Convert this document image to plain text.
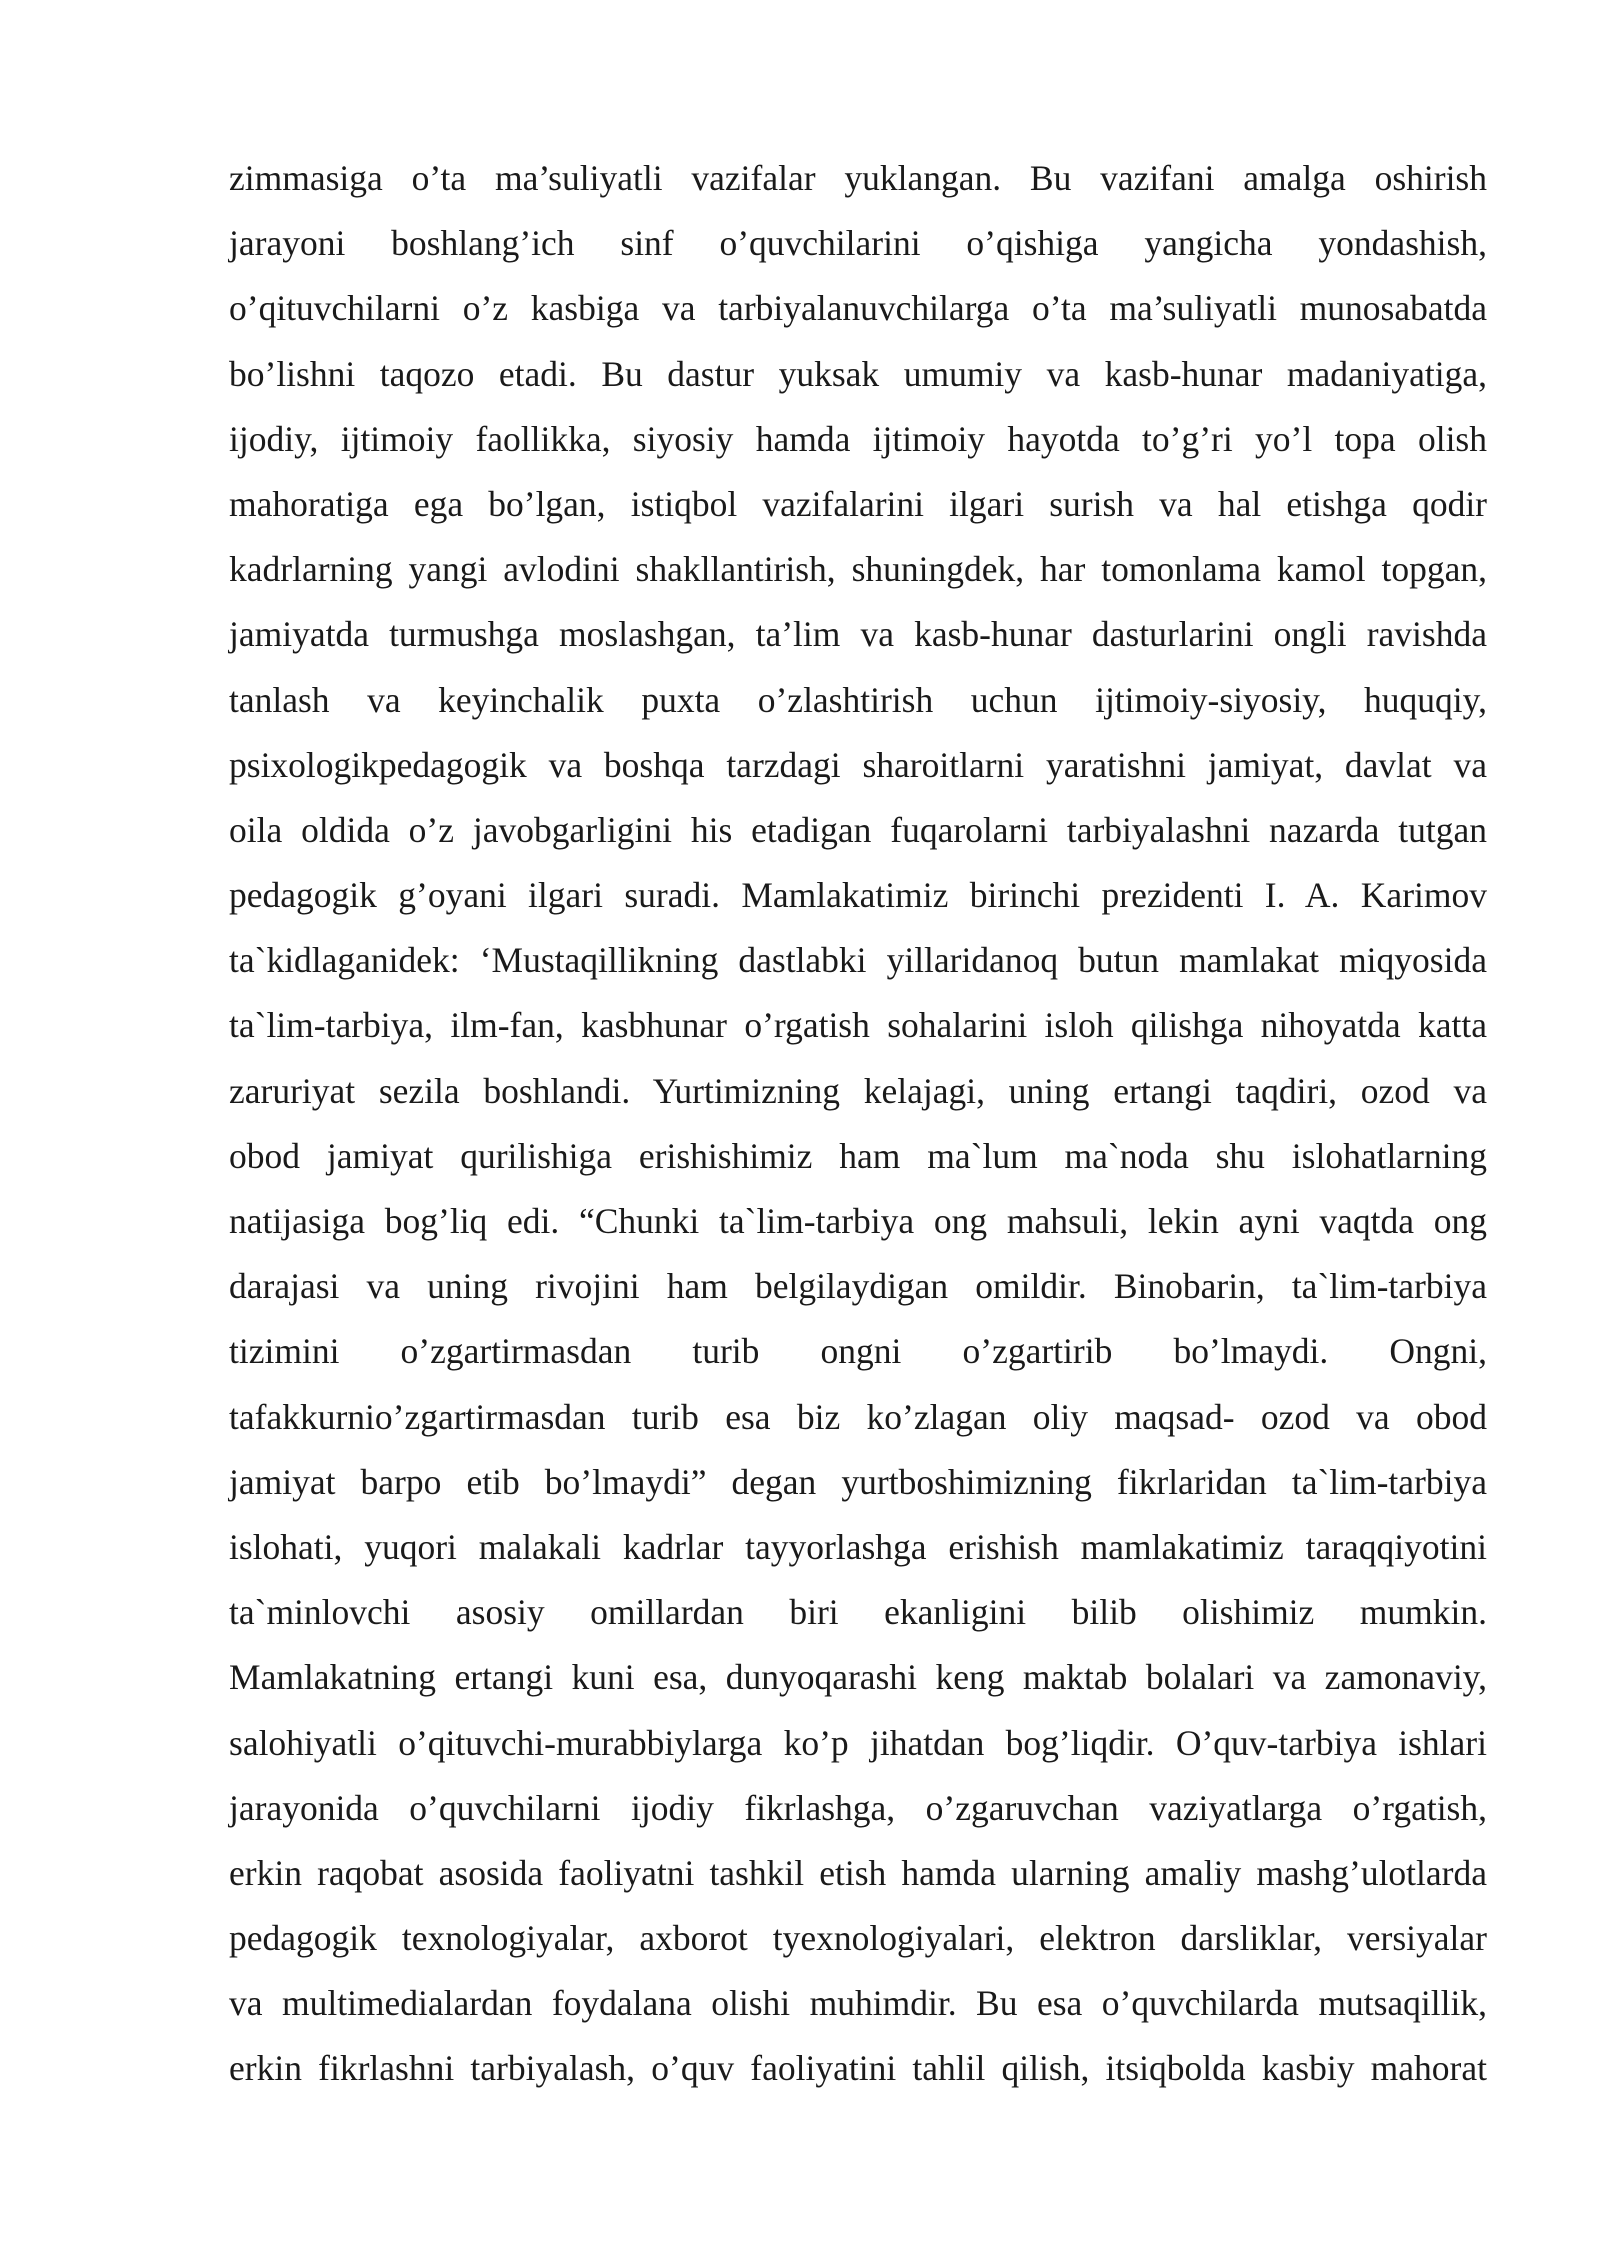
zimmasiga o’ta ma’suliyatli vazifalar yuklangan. Bu vazifani amalga oshirish
jarayoni boshlang’ich sinf o’quvchilarini o’qishiga yangicha yondashish,
o’qituvchilarni o’z kasbiga va tarbiyalanuvchilarga o’ta ma’suliyatli munosabatda
bo’lishni taqozo etadi. Bu dastur yuksak umumiy va kasb-hunar madaniyatiga,
ijodiy, ijtimoiy faollikka, siyosiy hamda ijtimoiy hayotda to’g’ri yo’l topa olish
mahoratiga ega bo’lgan, istiqbol vazifalarini ilgari surish va hal etishga qodir
kadrlarning yangi avlodini shakllantirish, shuningdek, har tomonlama kamol topgan,
jamiyatda turmushga moslashgan, ta’lim va kasb-hunar dasturlarini ongli ravishda
tanlash va keyinchalik puxta o’zlashtirish uchun ijtimoiy-siyosiy, huquqiy,
psixologikpedagogik va boshqa tarzdagi sharoitlarni yaratishni jamiyat, davlat va
oila oldida o’z javobgarligini his etadigan fuqarolarni tarbiyalashni nazarda tutgan
pedagogik g’oyani ilgari suradi. Mamlakatimiz birinchi prezidenti I. A. Karimov
ta`kidlaganidek: ‘Mustaqillikning dastlabki yillaridanoq butun mamlakat miqyosida
ta`lim-tarbiya, ilm-fan, kasbhunar o’rgatish sohalarini isloh qilishga nihoyatda katta
zaruriyat sezila boshlandi. Yurtimizning kelajagi, uning ertangi taqdiri, ozod va
obod jamiyat qurilishiga erishishimiz ham ma`lum ma`noda shu islohatlarning
natijasiga bog’liq edi. “Chunki ta`lim-tarbiya ong mahsuli, lekin ayni vaqtda ong
darajasi va uning rivojini ham belgilaydigan omildir. Binobarin, ta`lim-tarbiya
tizimini o’zgartirmasdan turib ongni o’zgartirib bo’lmaydi. Ongni,
tafakkurnio’zgartirmasdan turib esa biz ko’zlagan oliy maqsad- ozod va obod
jamiyat barpo etib bo’lmaydi” degan yurtboshimizning fikrlaridan ta`lim-tarbiya
islohati, yuqori malakali kadrlar tayyorlashga erishish mamlakatimiz taraqqiyotini
ta`minlovchi asosiy omillardan biri ekanligini bilib olishimiz mumkin.
Mamlakatning ertangi kuni esa, dunyoqarashi keng maktab bolalari va zamonaviy,
salohiyatli o’qituvchi-murabbiylarga ko’p jihatdan bog’liqdir. O’quv-tarbiya ishlari
jarayonida o’quvchilarni ijodiy fikrlashga, o’zgaruvchan vaziyatlarga o’rgatish,
erkin raqobat asosida faoliyatni tashkil etish hamda ularning amaliy mashg’ulotlarda
pedagogik texnologiyalar, axborot tyexnologiyalari, elektron darsliklar, versiyalar
va multimedialardan foydalana olishi muhimdir. Bu esa o’quvchilarda mutsaqillik,
erkin fikrlashni tarbiyalash, o’quv faoliyatini tahlil qilish, itsiqbolda kasbiy mahorat
